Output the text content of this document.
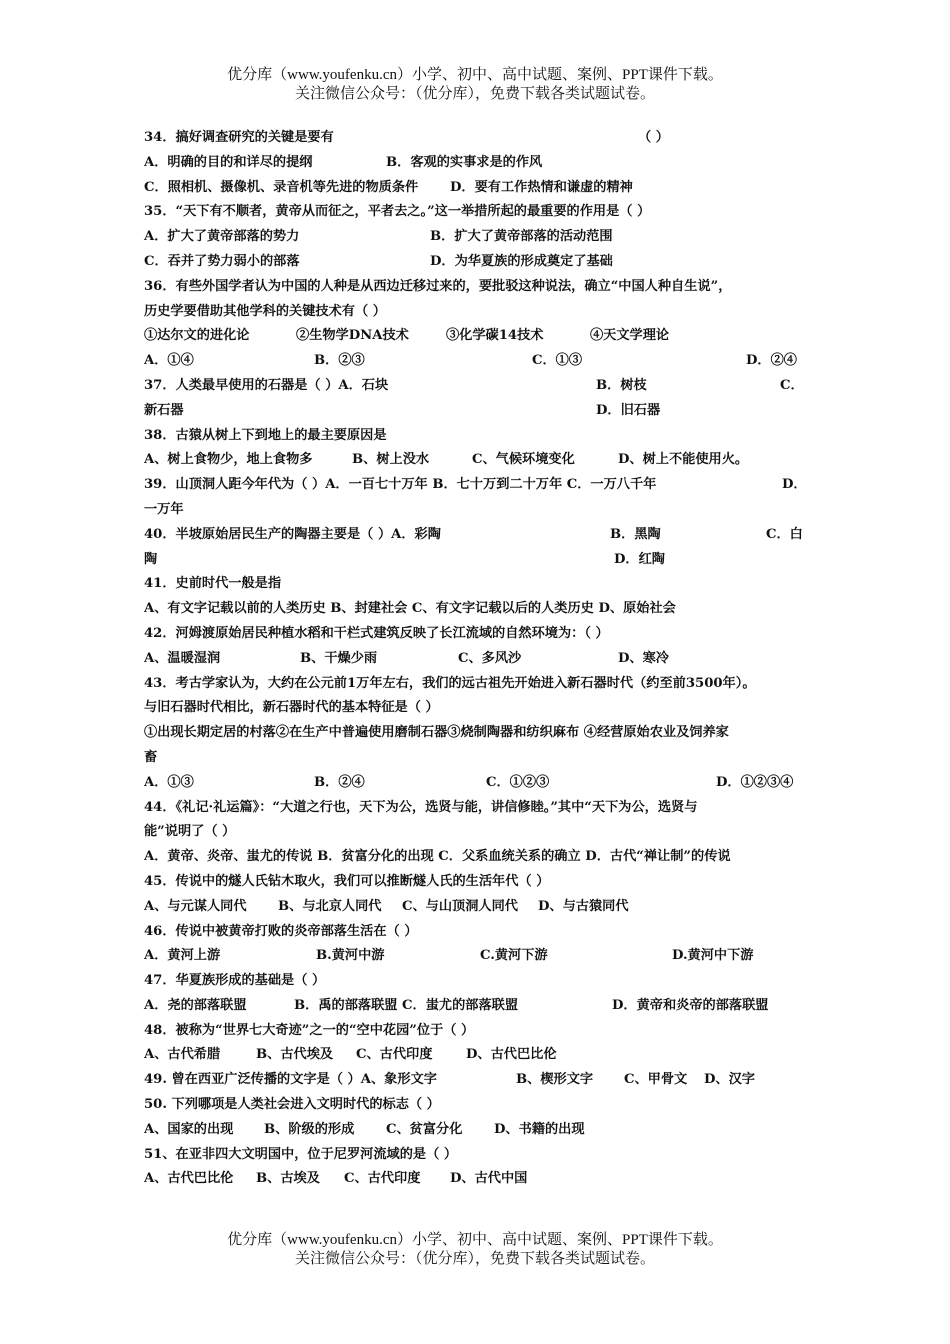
优分库（www.youfenku.cn）小学、初中、高中试题、案例、PPT课件下载。
关注微信公众号：（优分库），免费下载各类试题试卷。
34．搞好调查研究的关键是要有	（ ）
A．明确的目的和详尽的提纲	B．客观的实事求是的作风
C．照相机、摄像机、录音机等先进的物质条件 D．要有工作热情和谦虚的精神
35．“天下有不顺者，黄帝从而征之，平者去之。”这一举措所起的最重要的作用是（ ）
A．扩大了黄帝部落的势力	B．扩大了黄帝部落的活动范围
C．吞并了势力弱小的部落	D．为华夏族的形成奠定了基础
36．有些外国学者认为中国的人种是从西边迁移过来的，要批驳这种说法，确立“中国人种自生说”，
历史学要借助其他学科的关键技术有（ ）
①达尔文的进化论	②生物学DNA技术	③化学碳14技术	④天文学理论
A．①④	B．②③	C．①③	D．②④
37．人类最早使用的石器是（ ）A．石块	B．树枝	C．
新石器	D．旧石器
38．古猿从树上下到地上的最主要原因是
A、树上食物少，地上食物多	B、树上没水	C、气候环境变化	D、树上不能使用火。
39．山顶洞人距今年代为（ ）A．一百七十万年 B．七十万到二十万年 C．一万八千年	D．
一万年
40．半坡原始居民生产的陶器主要是（ ）A．彩陶	B．黑陶	C．白
陶	D．红陶
41．史前时代一般是指
A、有文字记载以前的人类历史 B、封建社会 C、有文字记载以后的人类历史 D、原始社会
42．河姆渡原始居民种植水稻和干栏式建筑反映了长江流域的自然环境为：（ ）
A、温暖湿润	B、干燥少雨	C、多风沙	D、寒冷
43．考古学家认为，大约在公元前1万年左右，我们的远古祖先开始进入新石器时代（约至前3500年）。
与旧石器时代相比，新石器时代的基本特征是（ ）
①出现长期定居的村落②在生产中普遍使用磨制石器③烧制陶器和纺织麻布 ④经营原始农业及饲养家
畜
A．①③	B．②④	C．①②③	D．①②③④
44．《礼记·礼运篇》：“大道之行也，天下为公，选贤与能，讲信修睦。”其中“天下为公，选贤与
能”说明了（ ）
A．黄帝、炎帝、蚩尤的传说 B．贫富分化的出现 C．父系血统关系的确立 D．古代“禅让制”的传说
45．传说中的燧人氏钻木取火，我们可以推断燧人氏的生活年代（ ）
A、与元谋人同代 B、与北京人同代 C、与山顶洞人同代 D、与古猿同代
46．传说中被黄帝打败的炎帝部落生活在（ ）
A．黄河上游	B.黄河中游	C.黄河下游	D.黄河中下游
47．华夏族形成的基础是（ ）
A．尧的部落联盟	B．禹的部落联盟 C．蚩尤的部落联盟	D．黄帝和炎帝的部落联盟
48．被称为“世界七大奇迹”之一的“空中花园”位于（ ）
A、古代希腊	B、古代埃及 C、古代印度	D、古代巴比伦
49. 曾在西亚广泛传播的文字是（ ）A、象形文字	B、楔形文字 C、甲骨文 D、汉字
50. 下列哪项是人类社会进入文明时代的标志（ ）
A、国家的出现 B、阶级的形成 C、贫富分化 D、书籍的出现
51、在亚非四大文明国中，位于尼罗河流域的是（ ）
A、古代巴比伦 B、古埃及 C、古代印度 D、古代中国
优分库（www.youfenku.cn）小学、初中、高中试题、案例、PPT课件下载。
关注微信公众号：（优分库），免费下载各类试题试卷。
